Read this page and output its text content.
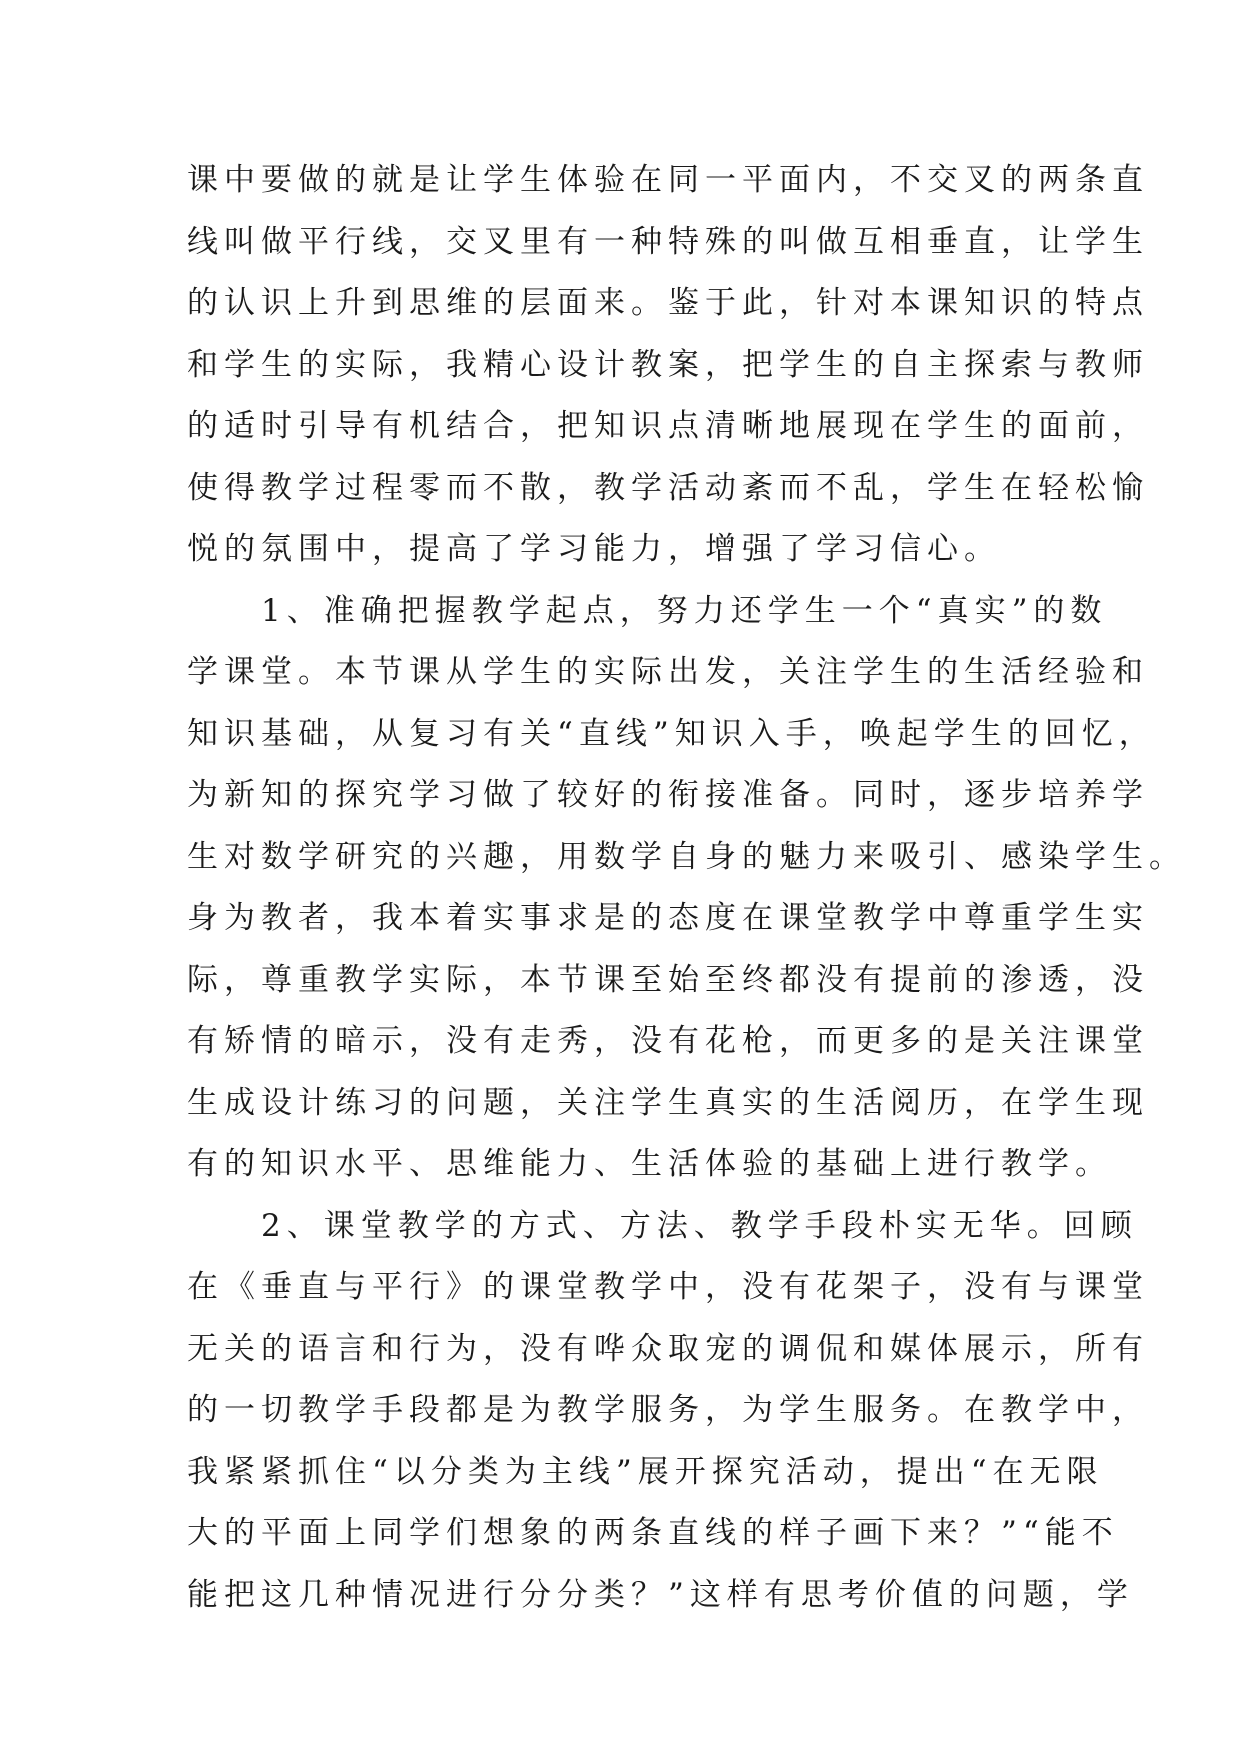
课中要做的就是让学生体验在同一平面内，不交叉的两条直
线叫做平行线，交叉里有一种特殊的叫做互相垂直，让学生
的认识上升到思维的层面来。鉴于此，针对本课知识的特点
和学生的实际，我精心设计教案，把学生的自主探索与教师
的适时引导有机结合，把知识点清晰地展现在学生的面前，
使得教学过程零而不散，教学活动紊而不乱，学生在轻松愉
悦的氛围中，提高了学习能力，增强了学习信心。
　　1、准确把握教学起点，努力还学生一个“真实”的数
学课堂。本节课从学生的实际出发，关注学生的生活经验和
知识基础，从复习有关“直线”知识入手，唤起学生的回忆，
为新知的探究学习做了较好的衔接准备。同时，逐步培养学
生对数学研究的兴趣，用数学自身的魅力来吸引、感染学生。
身为教者，我本着实事求是的态度在课堂教学中尊重学生实
际，尊重教学实际，本节课至始至终都没有提前的渗透，没
有矫情的暗示，没有走秀，没有花枪，而更多的是关注课堂
生成设计练习的问题，关注学生真实的生活阅历，在学生现
有的知识水平、思维能力、生活体验的基础上进行教学。
　　2、课堂教学的方式、方法、教学手段朴实无华。回顾
在《垂直与平行》的课堂教学中，没有花架子，没有与课堂
无关的语言和行为，没有哗众取宠的调侃和媒体展示，所有
的一切教学手段都是为教学服务，为学生服务。在教学中，
我紧紧抓住“以分类为主线”展开探究活动，提出“在无限
大的平面上同学们想象的两条直线的样子画下来？”“能不
能把这几种情况进行分分类？”这样有思考价值的问题，学
